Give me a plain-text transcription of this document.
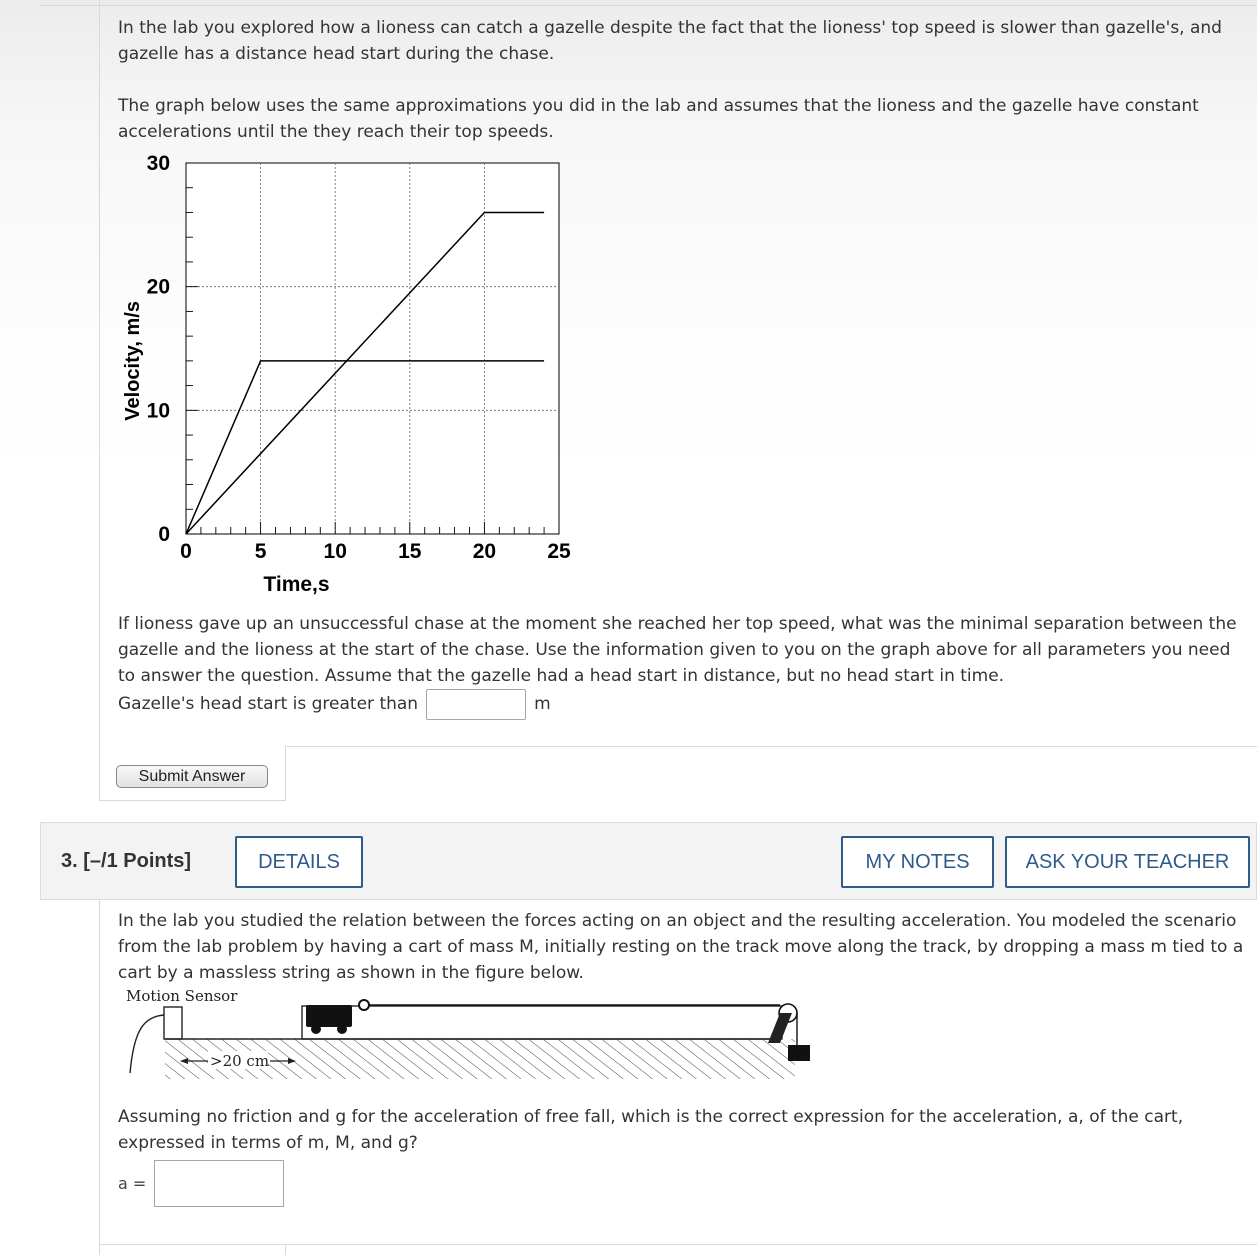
In the lab you explored how a lioness can catch a gazelle despite the fact that the lioness' top speed is slower than gazelle's, and gazelle has a distance head start during the chase.

The graph below uses the same approximations you did in the lab and assumes that the lioness and the gazelle have constant accelerations until the they reach their top speeds.

0	5	10 15 20 25
0
10
20
30
Time,s
Velocity, m/s

If lioness gave up an unsuccessful chase at the moment she reached her top speed, what was the minimal separation between the gazelle and the lioness at the start of the chase. Use the information given to you on the graph above for all parameters you need to answer the question. Assume that the gazelle had a head start in distance, but no head start in time.

Gazelle's head start is greater than	m
Submit Answer
3. [–/1 Points]	DETAILS	MY NOTES	ASK YOUR TEACHER

In the lab you studied the relation between the forces acting on an object and the resulting acceleration. You modeled the scenario from the lab problem by having a cart of mass M, initially resting on the track move along the track, by dropping a mass m tied to a cart by a massless string as shown in the figure below.

Motion Sensor
>20 cm

Assuming no friction and g for the acceleration of free fall, which is the correct expression for the acceleration, a, of the cart, expressed in terms of m, M, and g?

a =
